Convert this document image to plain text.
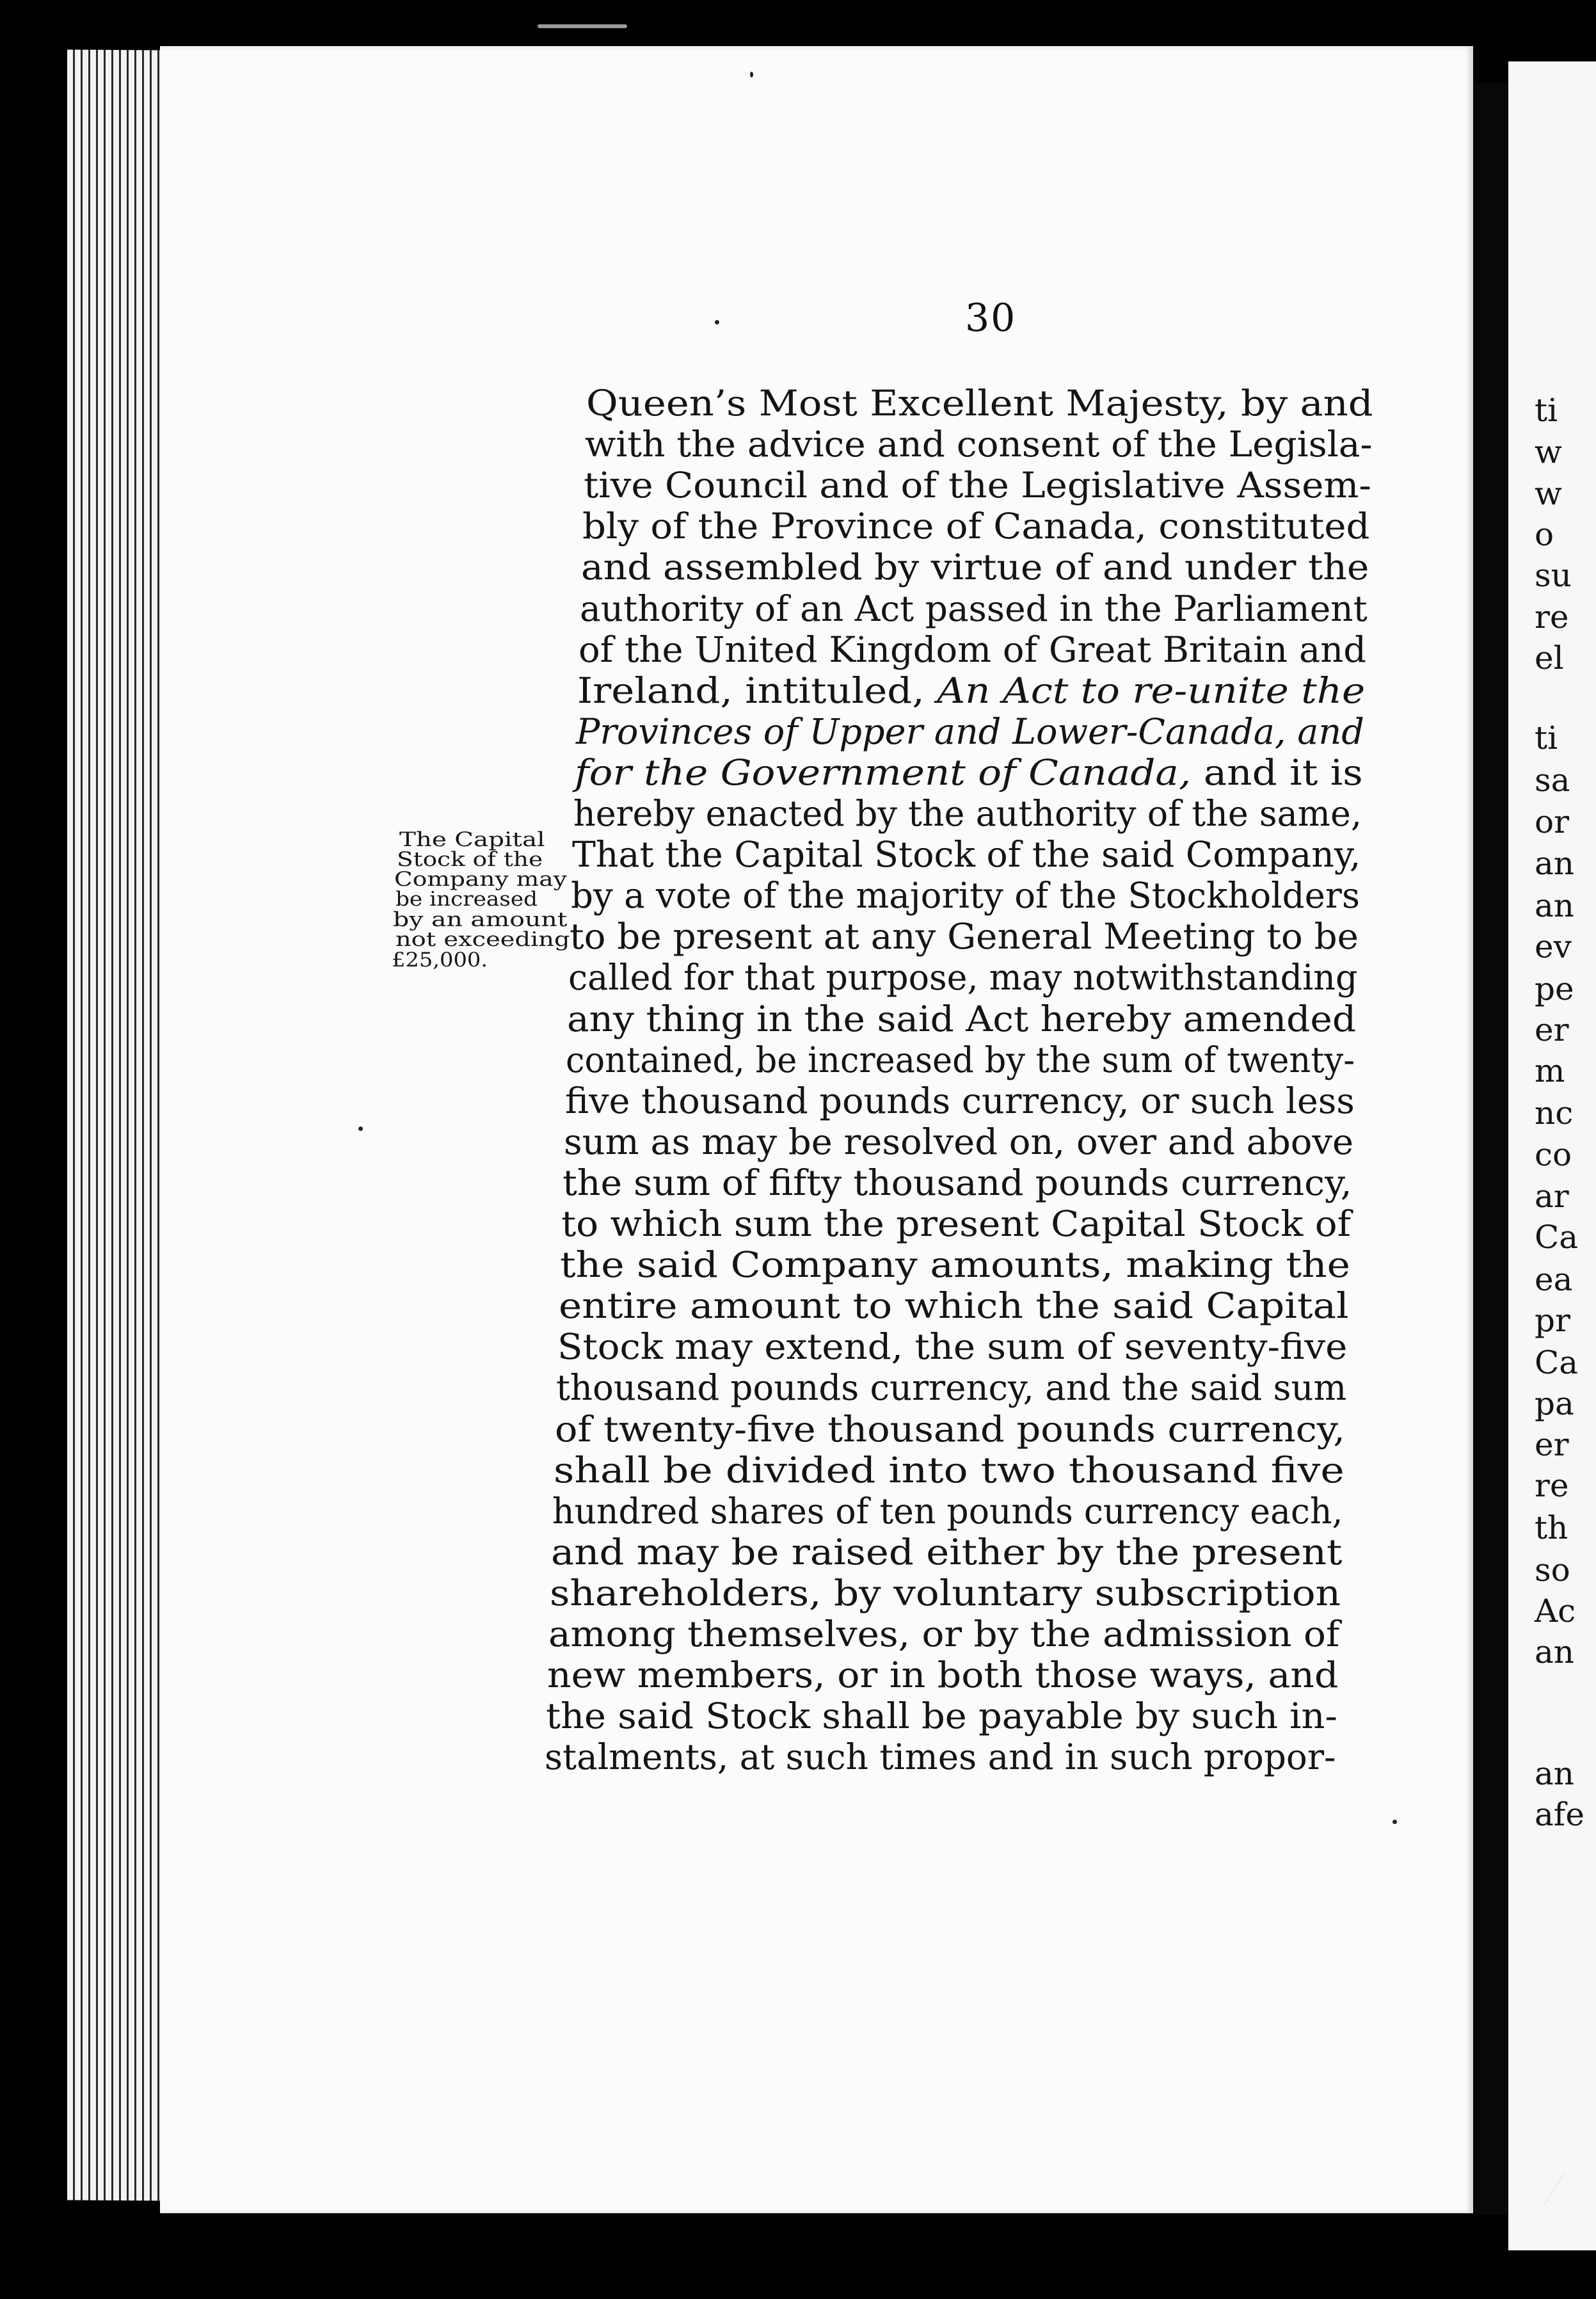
30
Queen’s Most Excellent Majesty, by and
with the advice and consent of the Legisla-
tive Council and of the Legislative Assem-
bly of the Province of Canada, constituted
and assembled by virtue of and under the
authority of an Act passed in the Parliament
of the United Kingdom of Great Britain and
Ireland, intituled, An Act to re-unite the
Provinces of Upper and Lower-Canada, and
for the Government of Canada, and it is
hereby enacted by the authority of the same,
That the Capital Stock of the said Company,
by a vote of the majority of the Stockholders
to be present at any General Meeting to be
called for that purpose, may notwithstanding
any thing in the said Act hereby amended
contained, be increased by the sum of twenty-
five thousand pounds currency, or such less
sum as may be resolved on, over and above
the sum of fifty thousand pounds currency,
to which sum the present Capital Stock of
the said Company amounts, making the
entire amount to which the said Capital
Stock may extend, the sum of seventy-five
thousand pounds currency, and the said sum
of twenty-five thousand pounds currency,
shall be divided into two thousand five
hundred shares of ten pounds currency each,
and may be raised either by the present
shareholders, by voluntary subscription
among themselves, or by the admission of
new members, or in both those ways, and
the said Stock shall be payable by such in-
stalments, at such times and in such propor-
The Capital
Stock of the
Company may
be increased
by an amount
not exceeding
£25,000.
ti
w
w
o
su
re
el
ti
sa
or
an
an
ev
pe
er
m
nc
co
ar
Ca
ea
pr
Ca
pa
er
re
th
so
Ac
an
an
afe
